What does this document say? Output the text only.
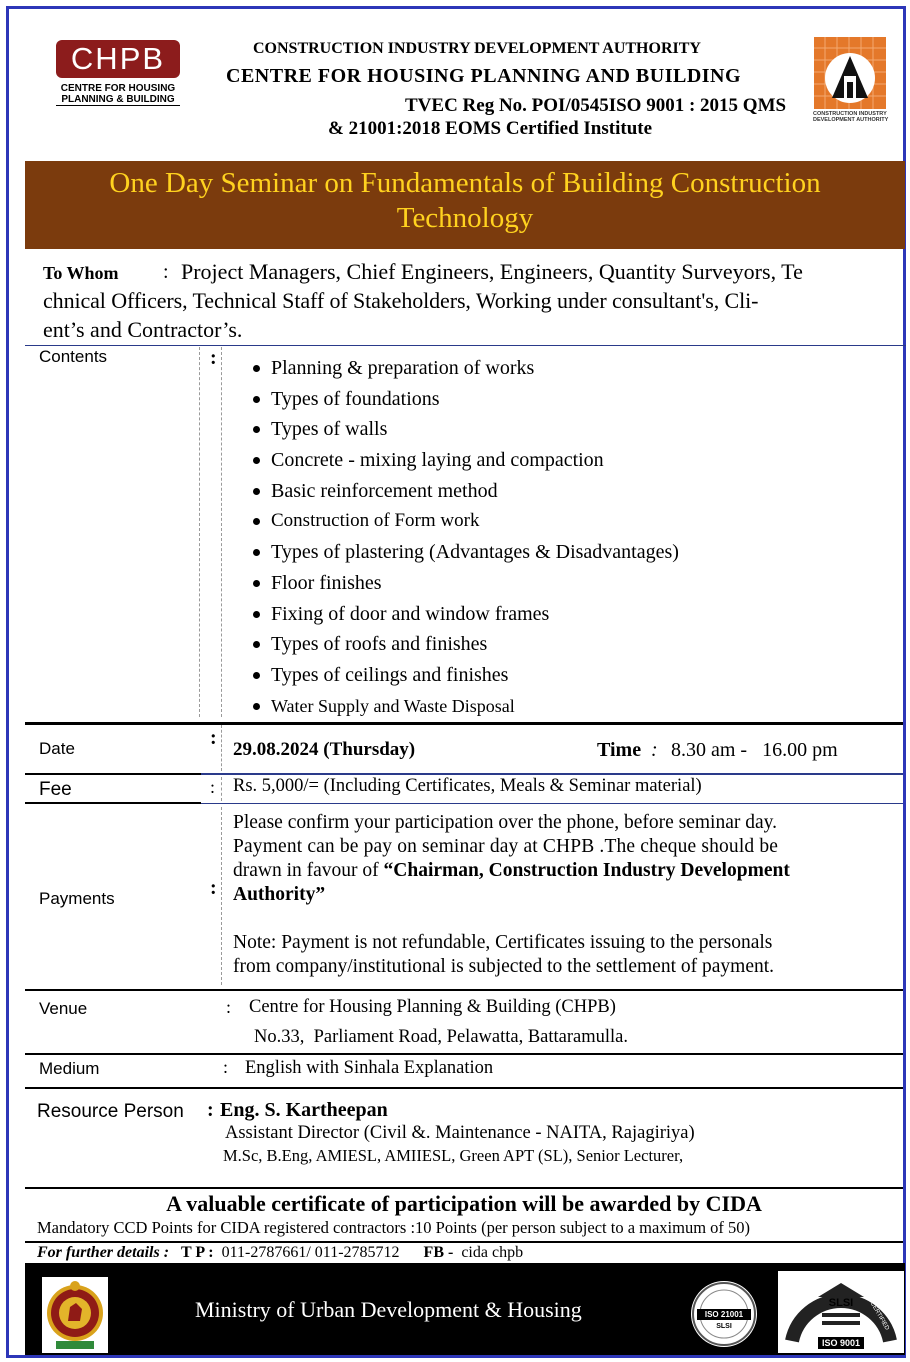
CHPB
CENTRE FOR HOUSING
PLANNING & BUILDING
CONSTRUCTION INDUSTRY DEVELOPMENT AUTHORITY
CENTRE FOR HOUSING PLANNING AND BUILDING
TVEC Reg No. POI/0545ISO 9001 : 2015 QMS
& 21001:2018 EOMS Certified Institute
CONSTRUCTION INDUSTRY DEVELOPMENT AUTHORITY
One Day Seminar on Fundamentals of Building Construction
Technology
To Whom : Project Managers, Chief Engineers, Engineers, Quantity Surveyors, Te
chnical Officers, Technical Staff of Stakeholders, Working under consultant's, Cli-
ent’s and Contractor’s.
Contents	:	Planning & preparation of works
Types of foundations
Types of walls
Concrete - mixing laying and compaction
Basic reinforcement method
Construction of Form work
Types of plastering (Advantages & Disadvantages)
Floor finishes
Fixing of door and window frames
Types of roofs and finishes
Types of ceilings and finishes
Water Supply and Waste Disposal
Date	:
29.08.2024 (Thursday)	Time : 8.30 am -   16.00 pm
Fee	: Rs. 5,000/= (Including Certificates, Meals & Seminar material)
Payments	:
Please confirm your participation over the phone, before seminar day.
Payment can be pay on seminar day at CHPB .The cheque should be
drawn in favour of “Chairman, Construction Industry Development
Authority”
Note: Payment is not refundable, Certificates issuing to the personals
from company/institutional is subjected to the settlement of payment.
Venue	: Centre for Housing Planning & Building (CHPB)
No.33,  Parliament Road, Pelawatta, Battaramulla.
Medium	: English with Sinhala Explanation
Resource Person : Eng. S. Kartheepan
Assistant Director (Civil &. Maintenance - NAITA, Rajagiriya)
M.Sc, B.Eng, AMIESL, AMIIESL, Green APT (SL), Senior Lecturer,
A valuable certificate of participation will be awarded by CIDA
Mandatory CCD Points for CIDA registered contractors :10 Points (per person subject to a maximum of 50)
For further details : T P : 011-2787661/ 011-2785712 FB - cida chpb
Ministry of Urban Development & Housing	ISO 21001
SLSI
SLSI
ISO 9001
SYSTEM	CERTIFIED
